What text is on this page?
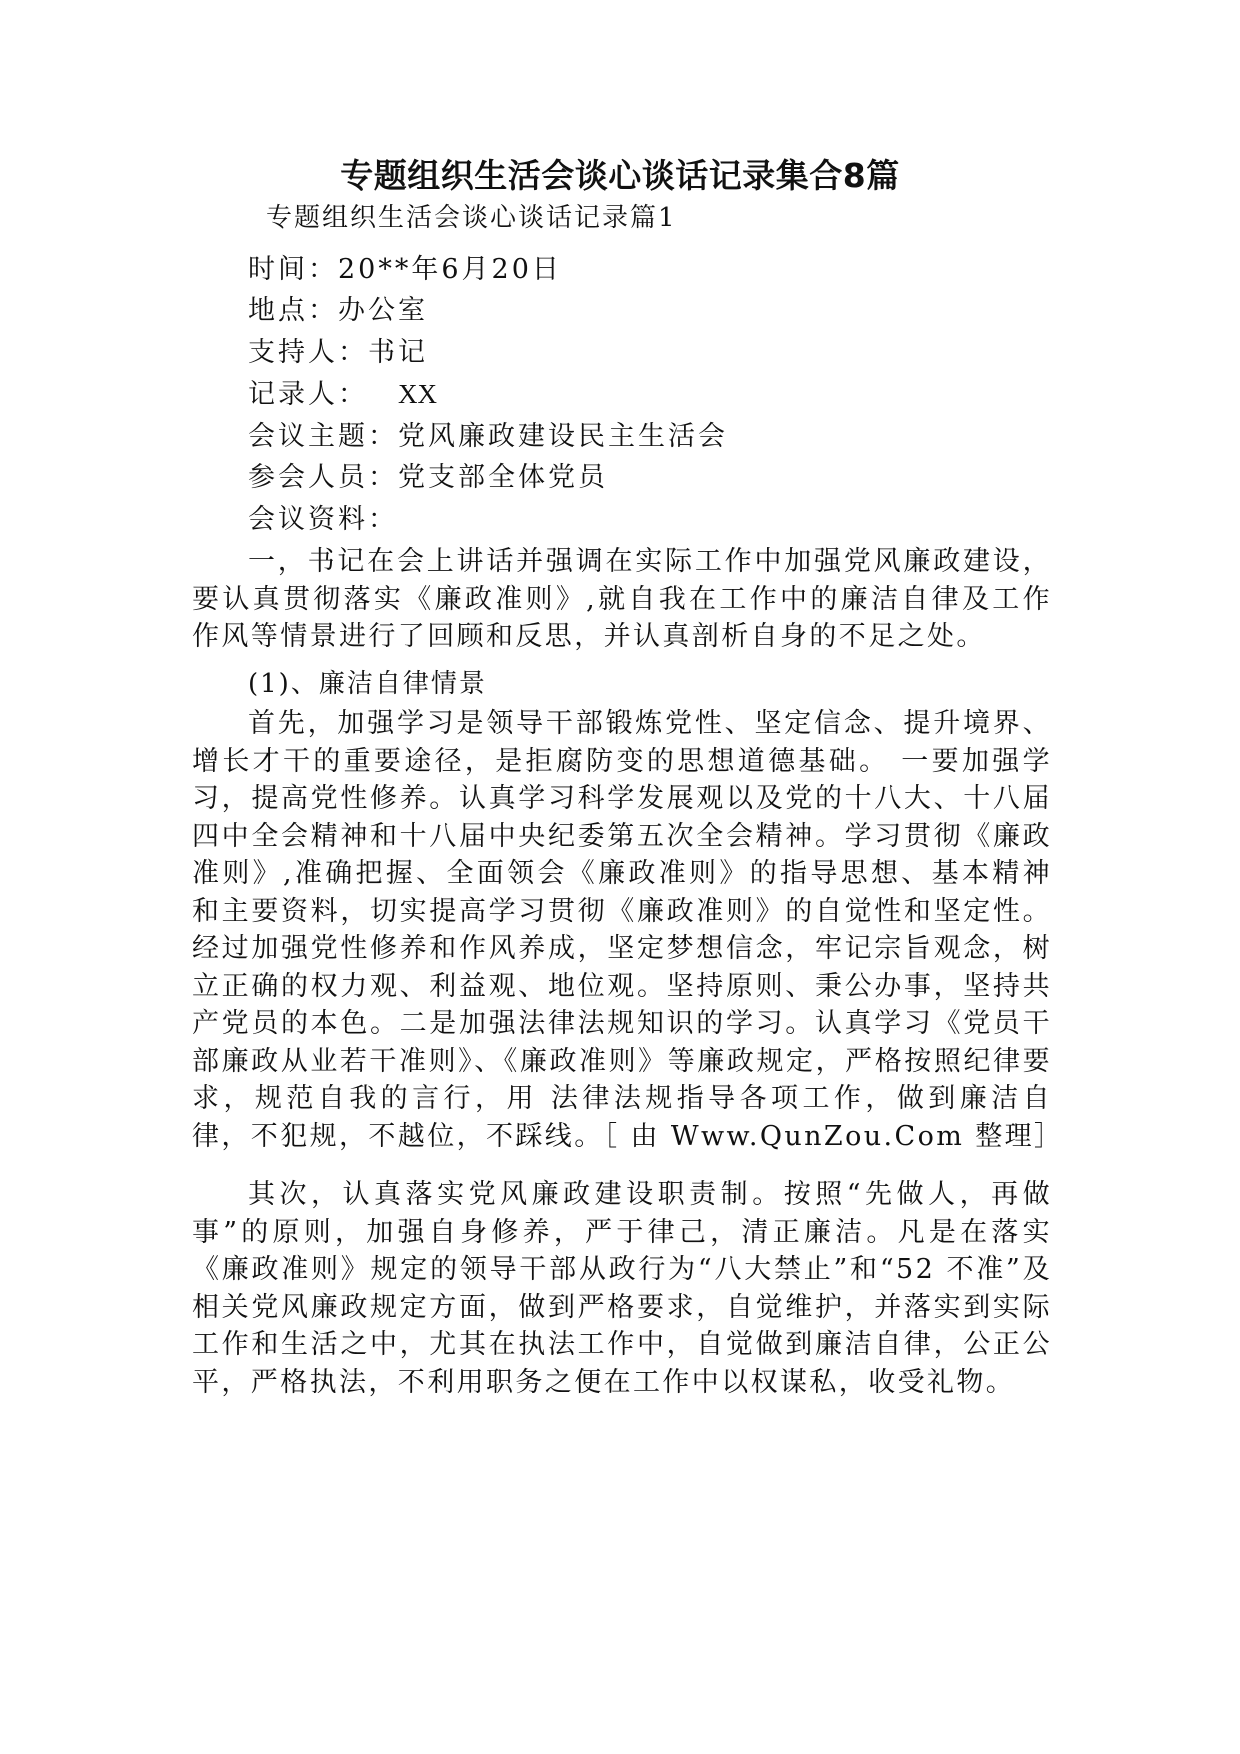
专题组织生活会谈心谈话记录集合8篇

专题组织生活会谈心谈话记录篇1

时间：20**年6月20日

地点：办公室

支持人：书记

记录人： XX

会议主题：党风廉政建设民主生活会

参会人员：党支部全体党员

会议资料：

一，书记在会上讲话并强调在实际工作中加强党风廉政建设，要认真贯彻落实《廉政准则》,就自我在工作中的廉洁自律及工作作风等情景进行了回顾和反思，并认真剖析自身的不足之处。

(1)、廉洁自律情景

首先，加强学习是领导干部锻炼党性、坚定信念、提升境界、增长才干的重要途径，是拒腐防变的思想道德基础。 一要加强学习，提高党性修养。认真学习科学发展观以及党的十八大、十八届四中全会精神和十八届中央纪委第五次全会精神。学习贯彻《廉政准则》,准确把握、全面领会《廉政准则》的指导思想、基本精神和主要资料，切实提高学习贯彻《廉政准则》的自觉性和坚定性。经过加强党性修养和作风养成，坚定梦想信念，牢记宗旨观念，树立正确的权力观、利益观、地位观。坚持原则、秉公办事，坚持共产党员的本色。二是加强法律法规知识的学习。认真学习《党员干部廉政从业若干准则》、《廉政准则》等廉政规定，严格按照纪律要求，规范自我的言行，用 法律法规指导各项工作，做到廉洁自律，不犯规，不越位，不踩线。［ 由 Www.QunZou.Com 整理］

其次，认真落实党风廉政建设职责制。按照“先做人，再做事”的原则，加强自身修养，严于律己，清正廉洁。凡是在落实《廉政准则》规定的领导干部从政行为“八大禁止”和“52 不准”及相关党风廉政规定方面，做到严格要求，自觉维护，并落实到实际工作和生活之中，尤其在执法工作中，自觉做到廉洁自律，公正公平，严格执法，不利用职务之便在工作中以权谋私，收受礼物。
